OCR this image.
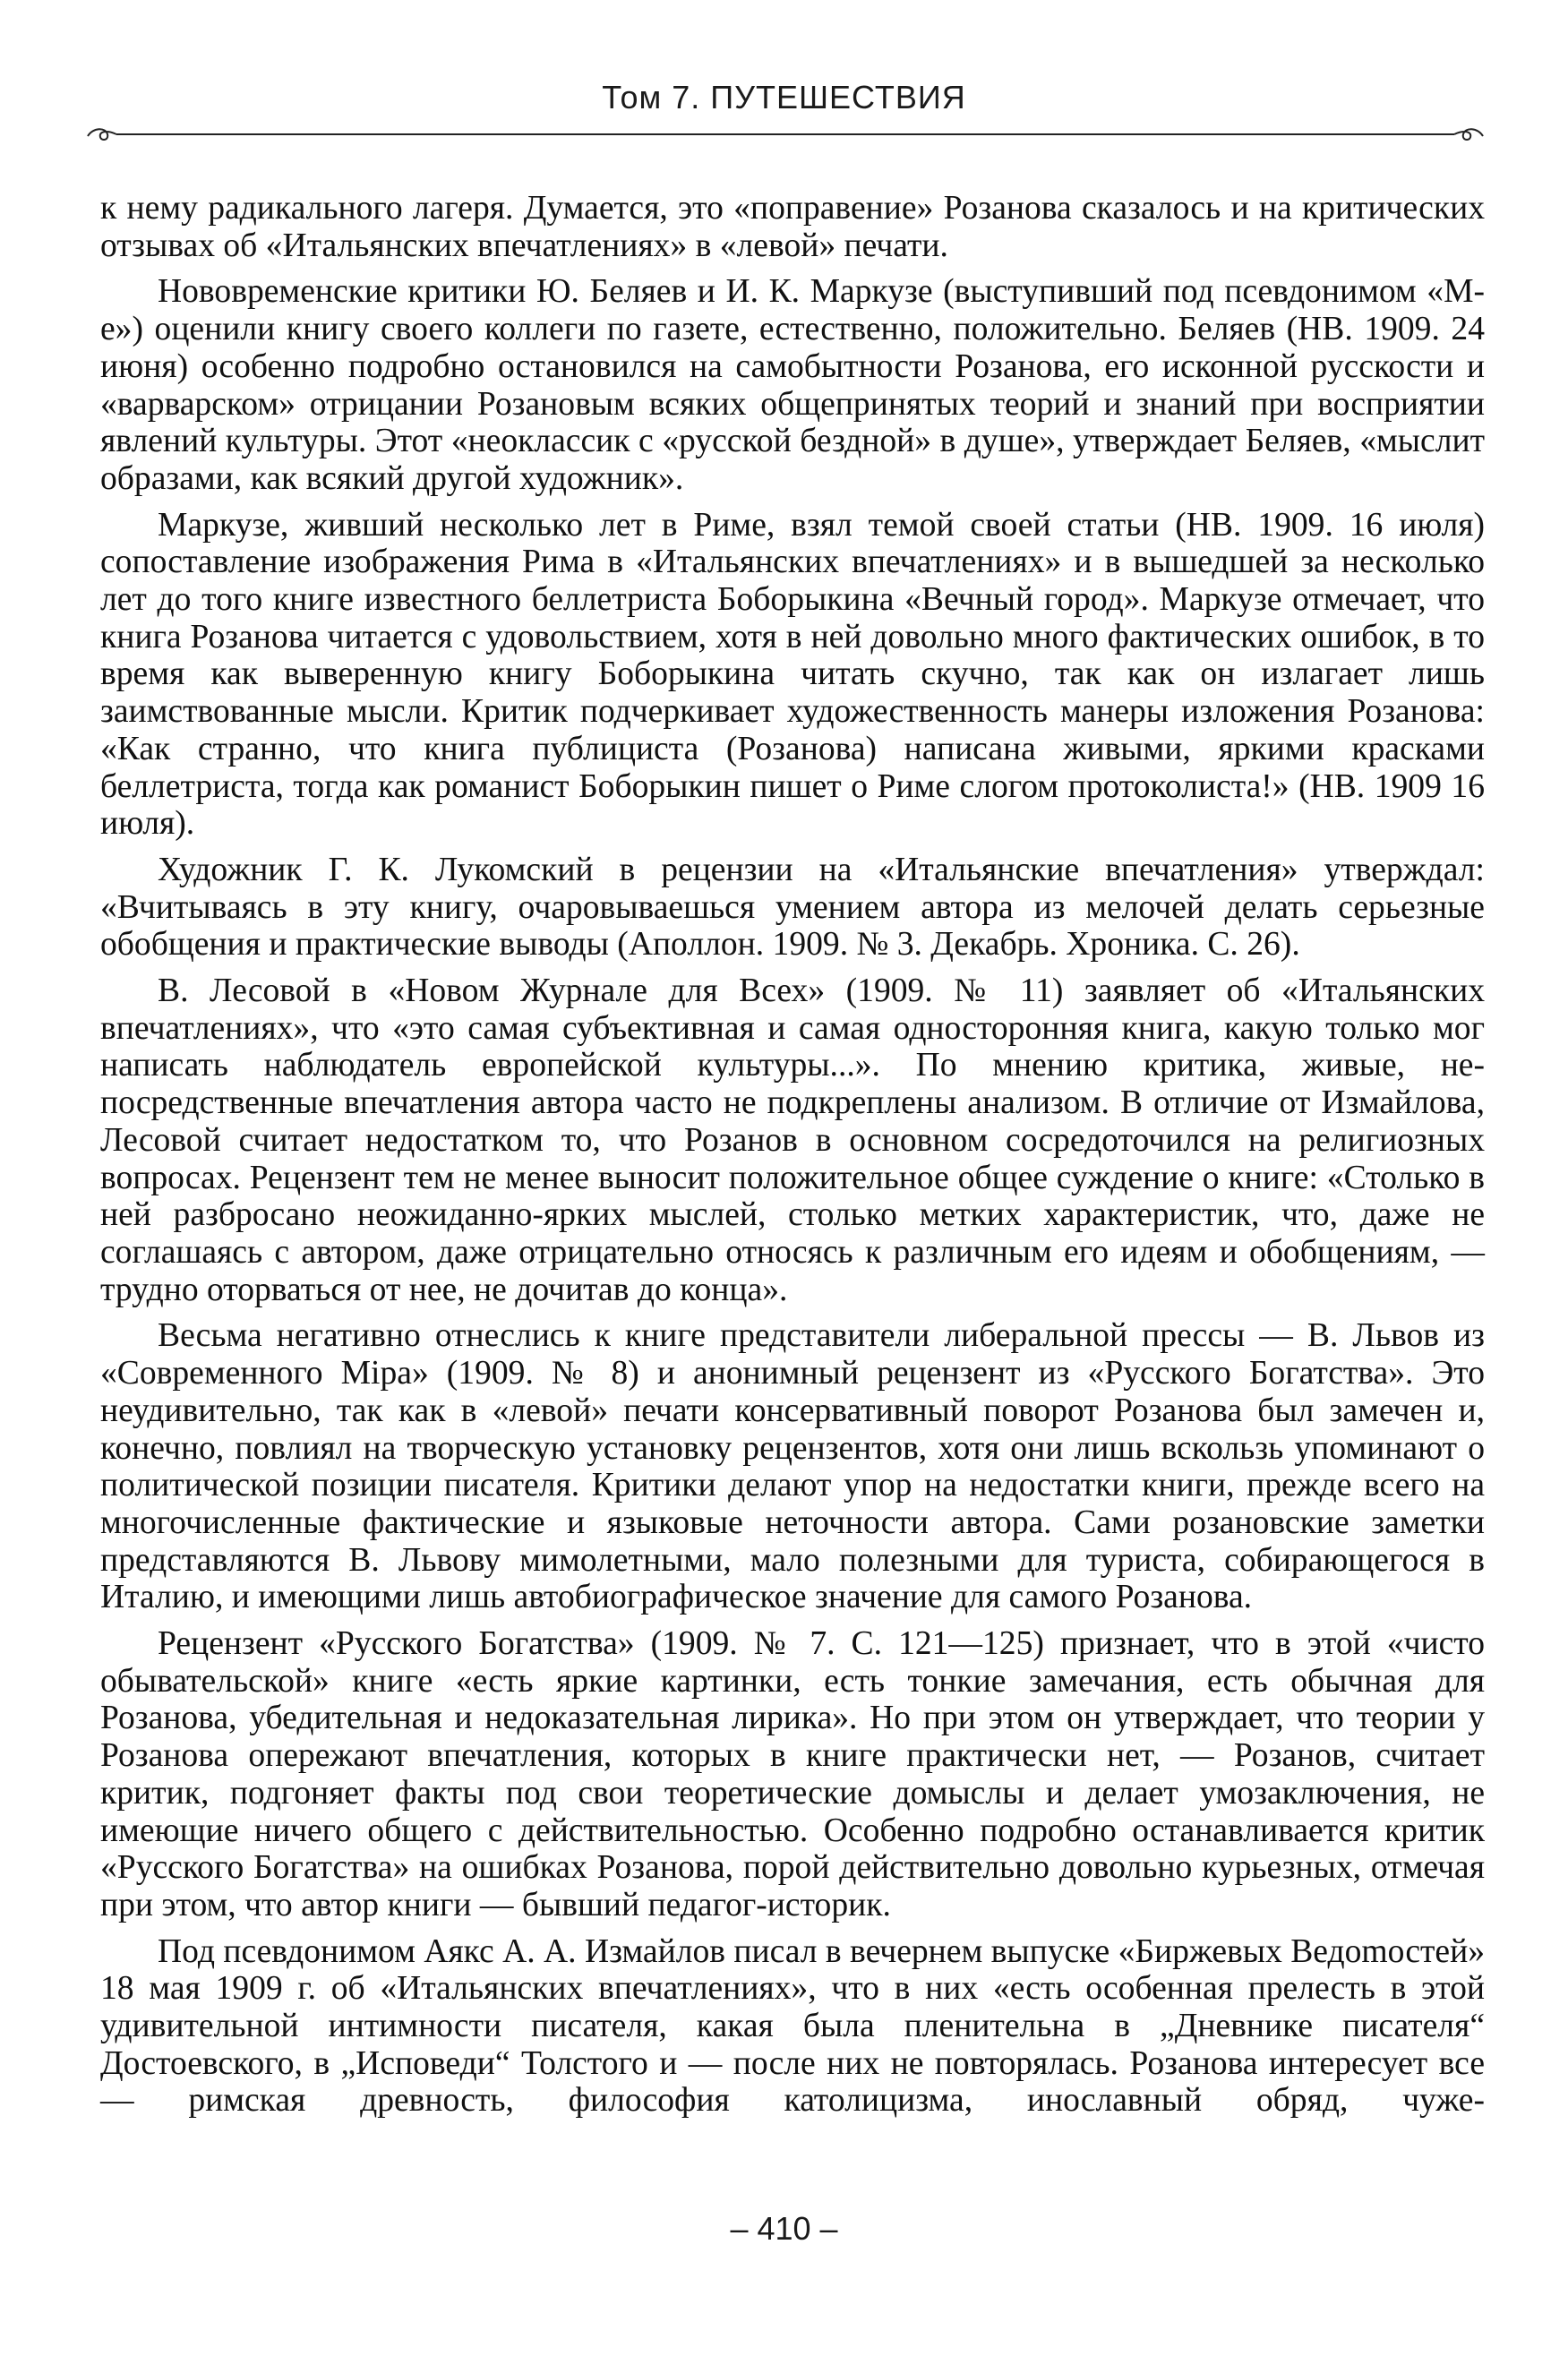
Том 7. ПУТЕШЕСТВИЯ

к нему радикального лагеря. Думается, это «поправение» Розанова сказалось и на критических отзывах об «Итальянских впечатлениях» в «левой» печати.

Нововременские критики Ю. Беляев и И. К. Маркузе (выступивший под псевдонимом «М-е») оценили книгу своего коллеги по газете, естественно, положительно. Беляев (НВ. 1909. 24 июня) особенно подробно остановился на самобытности Розанова, его исконной русскости и «варварском» отрицании Розановым всяких общепринятых теорий и знаний при восприятии явлений культуры. Этот «неоклассик с «русской бездной» в душе», утверждает Беляев, «мыслит образами, как всякий другой художник».

Маркузе, живший несколько лет в Риме, взял темой своей статьи (НВ. 1909. 16 июля) сопоставление изображения Рима в «Итальянских впечатлениях» и в вышедшей за несколько лет до того книге известного беллетриста Боборыкина «Вечный город». Маркузе отмечает, что книга Розанова читается с удовольствием, хотя в ней довольно много фактических ошибок, в то время как выверенную книгу Боборыкина читать скучно, так как он излагает лишь заимствованные мысли. Критик подчеркивает художественность манеры изложения Розанова: «Как странно, что книга публициста (Розанова) написана живыми, яркими красками беллетриста, тогда как романист Боборыкин пишет о Риме слогом протоколиста!» (НВ. 1909 16 июля).

Художник Г. К. Лукомский в рецензии на «Итальянские впечатления» утверждал: «Вчитываясь в эту книгу, очаровываешься умением автора из мелочей делать серьезные обобщения и практические выводы (Аполлон. 1909. № 3. Декабрь. Хроника. С. 26).

В. Лесовой в «Новом Журнале для Всех» (1909. № 11) заявляет об «Итальянских впечатлениях», что «это самая субъективная и самая односторонняя книга, какую только мог написать наблюдатель европейской культуры...». По мнению критика, живые, непосредственные впечатления автора часто не подкреплены анализом. В отличие от Измайлова, Лесовой считает недостатком то, что Розанов в основном сосредоточился на религиозных вопросах. Рецензент тем не менее выносит положительное общее суждение о книге: «Столько в ней разбросано неожиданно-ярких мыслей, столько метких характеристик, что, даже не соглашаясь с автором, даже отрицательно относясь к различным его идеям и обобщениям, — трудно оторваться от нее, не дочитав до конца».

Весьма негативно отнеслись к книге представители либеральной прессы — В. Львов из «Современного Міра» (1909. № 8) и анонимный рецензент из «Русского Богатства». Это неудивительно, так как в «левой» печати консервативный поворот Розанова был замечен и, конечно, повлиял на творческую установку рецензентов, хотя они лишь вскользь упоминают о политической позиции писателя. Критики делают упор на недостатки книги, прежде всего на многочисленные фактические и языковые неточности автора. Сами розановские заметки представляются В. Львову мимолетными, мало полезными для туриста, собирающегося в Италию, и имеющими лишь автобиографическое значение для самого Розанова.

Рецензент «Русского Богатства» (1909. № 7. С. 121—125) признает, что в этой «чисто обывательской» книге «есть яркие картинки, есть тонкие замечания, есть обычная для Розанова, убедительная и недоказательная лирика». Но при этом он утверждает, что теории у Розанова опережают впечатления, которых в книге практически нет, — Розанов, считает критик, подгоняет факты под свои теоретические домыслы и делает умозаключения, не имеющие ничего общего с действительностью. Особенно подробно останавливается критик «Русского Богатства» на ошибках Розанова, порой действительно довольно курьезных, отмечая при этом, что автор книги — бывший педагог-историк.

Под псевдонимом Аякс А. А. Измайлов писал в вечернем выпуске «Биржевых Ведоmостей» 18 мая 1909 г. об «Итальянских впечатлениях», что в них «есть особенная прелесть в этой удивительной интимности писателя, какая была пленительна в „Дневнике писателя“ Достоевского, в „Исповеди“ Толстого и — после них не повторялась. Розанова интересует все — римская древность, философия католицизма, инославный обряд, чуже-

– 410 –
